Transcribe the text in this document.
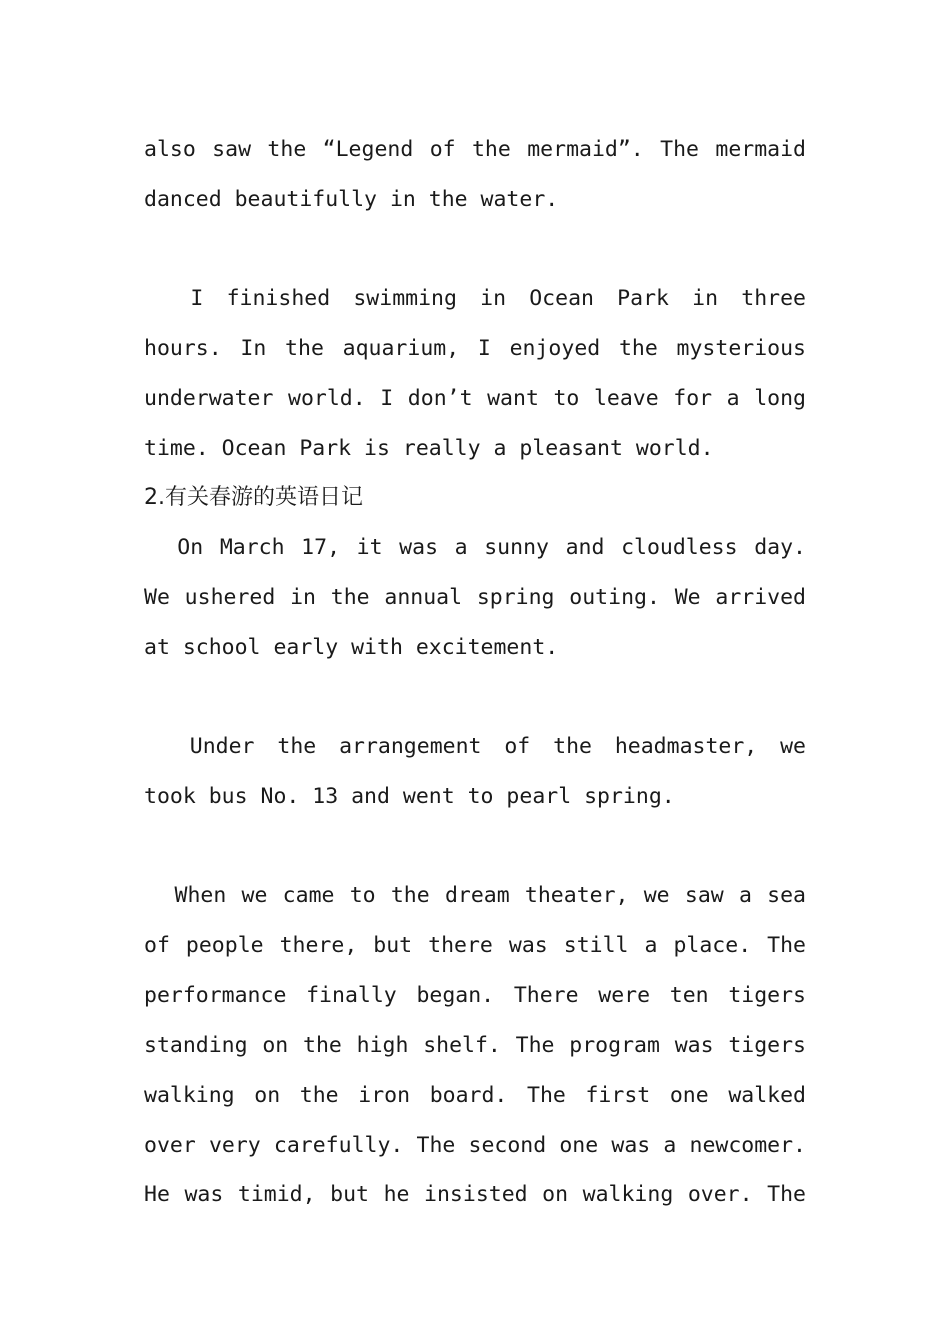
also saw the “Legend of the mermaid”. The mermaid
danced beautifully in the water.
I finished swimming in Ocean Park in three
hours. In the aquarium, I enjoyed the mysterious
underwater world. I don’t want to leave for a long
time. Ocean Park is really a pleasant world.
2.有关春游的英语日记
On March 17, it was a sunny and cloudless day.
We ushered in the annual spring outing. We arrived
at school early with excitement.
Under the arrangement of the headmaster, we
took bus No. 13 and went to pearl spring.
When we came to the dream theater, we saw a sea
of people there, but there was still a place. The
performance finally began. There were ten tigers
standing on the high shelf. The program was tigers
walking on the iron board. The first one walked
over very carefully. The second one was a newcomer.
He was timid, but he insisted on walking over. The
